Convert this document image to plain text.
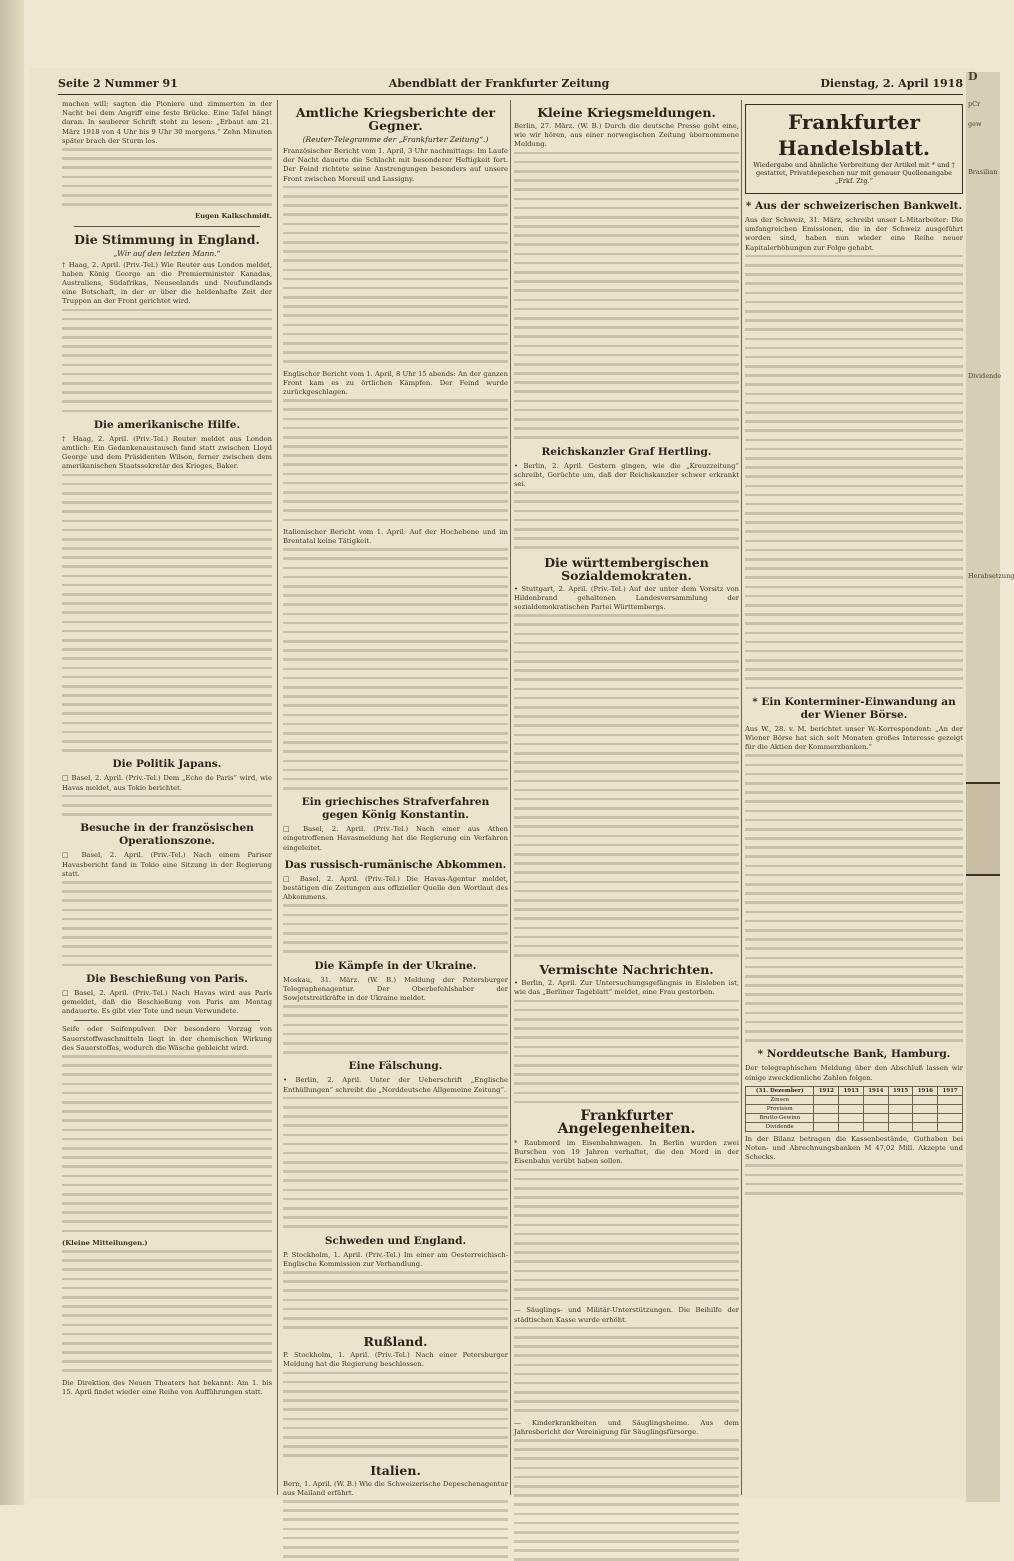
Seite 2 Nummer 91	Abendblatt der Frankfurter Zeitung	Dienstag, 2. April 1918

machen will; sagten die Pioniere und zimmerten in der Nacht bei dem Angriff eine feste Brücke. Eine Tafel hängt daran. In sauberer Schrift steht zu lesen: „Erbaut am 21. März 1918 von 4 Uhr bis 9 Uhr 30 morgens.“ Zehn Minuten später brach der Sturm los.

Eugen Kalkschmidt.

Die Stimmung in England.
„Wir auf den letzten Mann.“

† Haag, 2. April. (Priv.-Tel.) Wie Reuter aus London meldet, haben König George an die Premierminister Kanadas, Australiens, Südafrikas, Neuseelands und Neufundlands eine Botschaft, in der er über die heldenhafte Zeit der Truppen an der Front gerichtet wird.

Die amerikanische Hilfe.

† Haag, 2. April. (Priv.-Tel.) Reuter meldet aus London amtlich: Ein Gedankenaustausch fand statt zwischen Lloyd George und dem Präsidenten Wilson, ferner zwischen dem amerikanischen Staatssekretär des Krieges, Baker.

Die Politik Japans.

□ Basel, 2. April. (Priv.-Tel.) Dem „Echo de Paris“ wird, wie Havas meldet, aus Tokio berichtet.

Besuche in der französischen Operationszone.

□ Basel, 2. April. (Priv.-Tel.) Nach einem Pariser Havasbericht fand in Tokio eine Sitzung in der Regierung statt.

Die Beschießung von Paris.

□ Basel, 2. April. (Priv.-Tel.) Nach Havas wird aus Paris gemeldet, daß die Beschießung von Paris am Montag andauerte. Es gibt vier Tote und neun Verwundete.

Seife oder Seifenpulver. Der besondere Vorzug von Sauerstoffwaschmitteln liegt in der chemischen Wirkung des Sauerstoffes, wodurch die Wäsche gebleicht wird.

(Kleine Mitteilungen.)

Die Direktion des Neuen Theaters hat bekannt: Am 1. bis 15. April findet wieder eine Reihe von Aufführungen statt.

Amtliche Kriegsberichte der Gegner.
(Reuter-Telegramme der „Frankfurter Zeitung“.)

Französischer Bericht vom 1. April, 3 Uhr nachmittags: Im Laufe der Nacht dauerte die Schlacht mit besonderer Heftigkeit fort. Der Feind richtete seine Anstrengungen besonders auf unsere Front zwischen Moreuil und Lassigny.

Englischer Bericht vom 1. April, 8 Uhr 15 abends: An der ganzen Front kam es zu örtlichen Kämpfen. Der Feind wurde zurückgeschlagen.

Italienischer Bericht vom 1. April: Auf der Hochebene und im Brentatal keine Tätigkeit.

Ein griechisches Strafverfahren gegen König Konstantin.

□ Basel, 2. April. (Priv.-Tel.) Nach einer aus Athen eingetroffenen Havasmeldung hat die Regierung ein Verfahren eingeleitet.

Das russisch-rumänische Abkommen.

□ Basel, 2. April. (Priv.-Tel.) Die Havas-Agentur meldet, bestätigen die Zeitungen aus offizieller Quelle den Wortlaut des Abkommens.

Die Kämpfe in der Ukraine.

Moskau, 31. März. (W. B.) Meldung der Petersburger Telegraphenagentur. Der Oberbefehlshaber der Sowjetstreitkräfte in der Ukraine meldet.

Eine Fälschung.

• Berlin, 2. April. Unter der Ueberschrift „Englische Enthüllungen“ schreibt die „Norddeutsche Allgemeine Zeitung“.

Schweden und England.

P. Stockholm, 1. April. (Priv.-Tel.) Im einer am Oesterreichisch-Englische Kommission zur Verhandlung.

Rußland.

P. Stockholm, 1. April. (Priv.-Tel.) Nach einer Petersburger Meldung hat die Regierung beschlossen.

Italien.

Bern, 1. April. (W. B.) Wie die Schweizerische Depeschenagentur aus Mailand erfährt.

Kleine Kriegsmeldungen.

Berlin, 27. März. (W. B.) Durch die deutsche Presse geht eine, wie wir hören, aus einer norwegischen Zeitung übernommene Meldung.

Reichskanzler Graf Hertling.

• Berlin, 2. April. Gestern gingen, wie die „Kreuzzeitung“ schreibt, Gerüchte um, daß der Reichskanzler schwer erkrankt sei.

Die württembergischen Sozialdemokraten.

• Stuttgart, 2. April. (Priv.-Tel.) Auf der unter dem Vorsitz von Hildenbrand gehaltenen Landesversammlung der sozialdemokratischen Partei Württembergs.

Vermischte Nachrichten.

• Berlin, 2. April. Zur Untersuchungsgefängnis in Eisleben ist, wie das „Berliner Tageblatt“ meldet, eine Frau gestorben.

Frankfurter Angelegenheiten.

* Raubmord im Eisenbahnwagen. In Berlin wurden zwei Burschen von 19 Jahren verhaftet, die den Mord in der Eisenbahn verübt haben sollen.

— Säuglings- und Militär-Unterstützungen. Die Beihilfe der städtischen Kasse wurde erhöht.

— Kinderkrankheiten und Säuglingsheime. Aus dem Jahresbericht der Vereinigung für Säuglingsfürsorge.

Frankfurter Handelsblatt.
Wiedergabe und ähnliche Verbreitung der Artikel mit * und † gestattet, Privatdepeschen nur mit genauer Quellenangabe „Frkf. Ztg.“
* Aus der schweizerischen Bankwelt.

Aus der Schweiz, 31. März, schreibt unser L-Mitarbeiter: Die umfangreichen Emissionen, die in der Schweiz ausgeführt worden sind, haben nun wieder eine Reihe neuer Kapitalerhöhungen zur Folge gehabt.

* Ein Konterminer-Einwandung an der Wiener Börse.

Aus W., 28. v. M. berichtet unser W.-Korrespondent: „An der Wiener Börse hat sich seit Monaten großes Interesse gezeigt für die Aktien der Kommerzbanken.“

* Norddeutsche Bank, Hamburg.

Der telegraphischen Meldung über den Abschluß lassen wir einige zweckdienliche Zahlen folgen.

(31. Dezember)	1912	1913	1914	1915	1916	1917
Zinsen						
Provision						
Brutto-Gewinn						
Dividende						

In der Bilanz betragen die Kassenbestände, Guthaben bei Noten- und Abrechnungsbanken M 47,02 Mill. Akzepte und Schecks.

D
pCr
gew
Brasilian
Dividende
Herabsetzung
